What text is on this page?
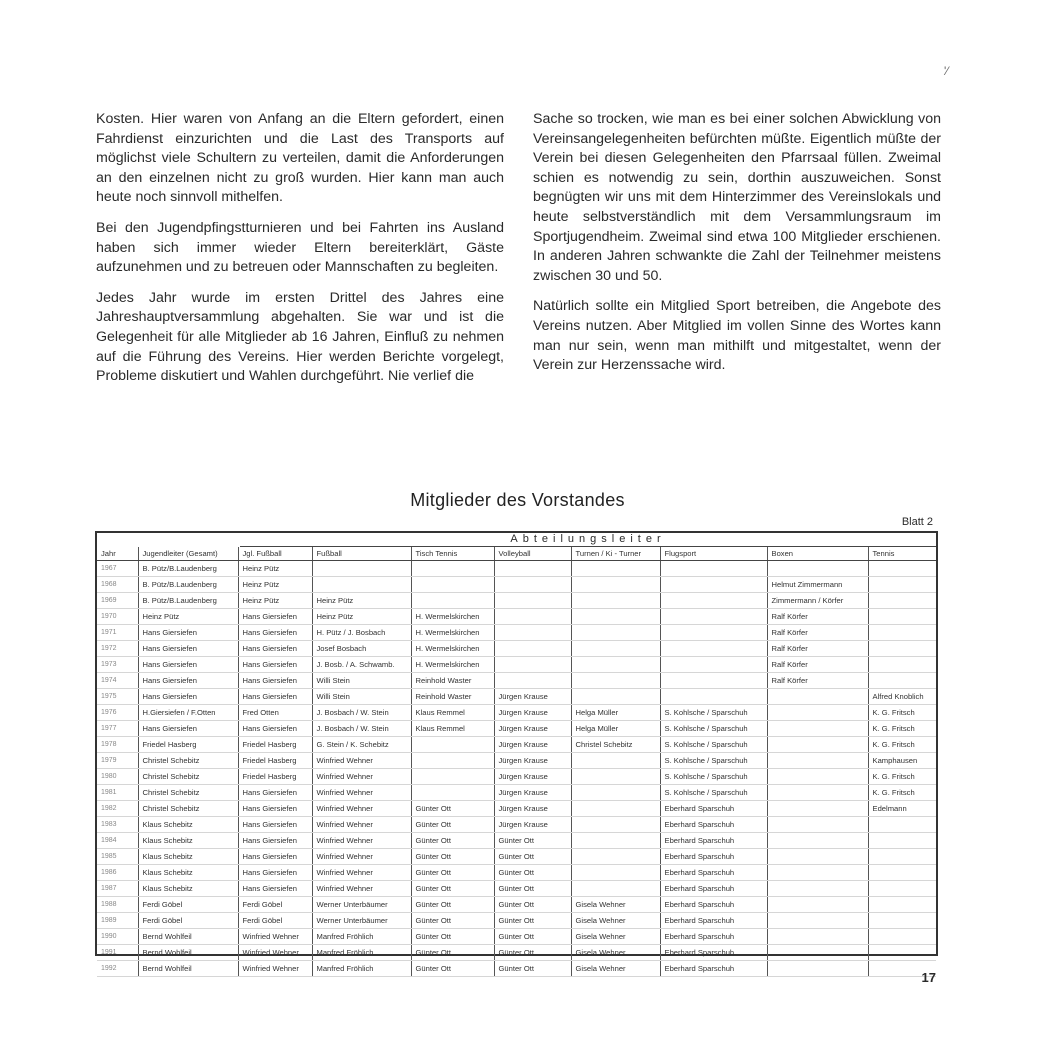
'⁄

Kosten. Hier waren von Anfang an die Eltern gefordert, einen Fahrdienst einzurichten und die Last des Transports auf möglichst viele Schultern zu verteilen, damit die Anforderungen an den einzelnen nicht zu groß wurden. Hier kann man auch heute noch sinnvoll mithelfen.

Bei den Jugendpfingstturnieren und bei Fahrten ins Ausland haben sich immer wieder Eltern bereiterklärt, Gäste aufzunehmen und zu betreuen oder Mannschaften zu begleiten.

Jedes Jahr wurde im ersten Drittel des Jahres eine Jahreshauptversammlung abgehalten. Sie war und ist die Gelegenheit für alle Mitglieder ab 16 Jahren, Einfluß zu nehmen auf die Führung des Vereins. Hier werden Berichte vorgelegt, Probleme diskutiert und Wahlen durchgeführt. Nie verlief die

Sache so trocken, wie man es bei einer solchen Abwicklung von Vereinsangelegenheiten befürchten müßte. Eigentlich müßte der Verein bei diesen Gelegenheiten den Pfarrsaal füllen. Zweimal schien es notwendig zu sein, dorthin auszuweichen. Sonst begnügten wir uns mit dem Hinterzimmer des Vereinslokals und heute selbstverständlich mit dem Versammlungsraum im Sportjugendheim. Zweimal sind etwa 100 Mitglieder erschienen. In anderen Jahren schwankte die Zahl der Teilnehmer meistens zwischen 30 und 50.

Natürlich sollte ein Mitglied Sport betreiben, die Angebote des Vereins nutzen. Aber Mitglied im vollen Sinne des Wortes kann man nur sein, wenn man mithilft und mitgestaltet, wenn der Verein zur Herzenssache wird.

Mitglieder des Vorstandes
Blatt 2
Abteilungsleiter
Jahr	Jugendleiter (Gesamt)	Jgl. Fußball	Fußball	Tisch Tennis	Volleyball	Turnen / Ki - Turner	Flugsport	Boxen	Tennis
1967	B. Pütz/B.Laudenberg	Heinz Pütz							
1968	B. Pütz/B.Laudenberg	Heinz Pütz						Helmut Zimmermann	
1969	B. Pütz/B.Laudenberg	Heinz Pütz	Heinz Pütz					Zimmermann / Körfer	
1970	Heinz Pütz	Hans Giersiefen	Heinz Pütz	H. Wermelskirchen				Ralf Körfer	
1971	Hans Giersiefen	Hans Giersiefen	H. Pütz / J. Bosbach	H. Wermelskirchen				Ralf Körfer	
1972	Hans Giersiefen	Hans Giersiefen	Josef Bosbach	H. Wermelskirchen				Ralf Körfer	
1973	Hans Giersiefen	Hans Giersiefen	J. Bosb. / A. Schwamb.	H. Wermelskirchen				Ralf Körfer	
1974	Hans Giersiefen	Hans Giersiefen	Willi Stein	Reinhold Waster				Ralf Körfer	
1975	Hans Giersiefen	Hans Giersiefen	Willi Stein	Reinhold Waster	Jürgen Krause				Alfred Knoblich
1976	H.Giersiefen / F.Otten	Fred Otten	J. Bosbach / W. Stein	Klaus Remmel	Jürgen Krause	Helga Müller	S. Kohlsche / Sparschuh		K. G. Fritsch
1977	Hans Giersiefen	Hans Giersiefen	J. Bosbach / W. Stein	Klaus Remmel	Jürgen Krause	Helga Müller	S. Kohlsche / Sparschuh		K. G. Fritsch
1978	Friedel Hasberg	Friedel Hasberg	G. Stein / K. Schebitz		Jürgen Krause	Christel Schebitz	S. Kohlsche / Sparschuh		K. G. Fritsch
1979	Christel Schebitz	Friedel Hasberg	Winfried Wehner		Jürgen Krause		S. Kohlsche / Sparschuh		Kamphausen
1980	Christel Schebitz	Friedel Hasberg	Winfried Wehner		Jürgen Krause		S. Kohlsche / Sparschuh		K. G. Fritsch
1981	Christel Schebitz	Hans Giersiefen	Winfried Wehner		Jürgen Krause		S. Kohlsche / Sparschuh		K. G. Fritsch
1982	Christel Schebitz	Hans Giersiefen	Winfried Wehner	Günter Ott	Jürgen Krause		Eberhard Sparschuh		Edelmann
1983	Klaus Schebitz	Hans Giersiefen	Winfried Wehner	Günter Ott	Jürgen Krause		Eberhard Sparschuh		
1984	Klaus Schebitz	Hans Giersiefen	Winfried Wehner	Günter Ott	Günter Ott		Eberhard Sparschuh		
1985	Klaus Schebitz	Hans Giersiefen	Winfried Wehner	Günter Ott	Günter Ott		Eberhard Sparschuh		
1986	Klaus Schebitz	Hans Giersiefen	Winfried Wehner	Günter Ott	Günter Ott		Eberhard Sparschuh		
1987	Klaus Schebitz	Hans Giersiefen	Winfried Wehner	Günter Ott	Günter Ott		Eberhard Sparschuh		
1988	Ferdi Göbel	Ferdi Göbel	Werner Unterbäumer	Günter Ott	Günter Ott	Gisela Wehner	Eberhard Sparschuh		
1989	Ferdi Göbel	Ferdi Göbel	Werner Unterbäumer	Günter Ott	Günter Ott	Gisela Wehner	Eberhard Sparschuh		
1990	Bernd Wohlfeil	Winfried Wehner	Manfred Fröhlich	Günter Ott	Günter Ott	Gisela Wehner	Eberhard Sparschuh		
1991	Bernd Wohlfeil	Winfried Wehner	Manfred Fröhlich	Günter Ott	Günter Ott	Gisela Wehner	Eberhard Sparschuh		
1992	Bernd Wohlfeil	Winfried Wehner	Manfred Fröhlich	Günter Ott	Günter Ott	Gisela Wehner	Eberhard Sparschuh		
17
